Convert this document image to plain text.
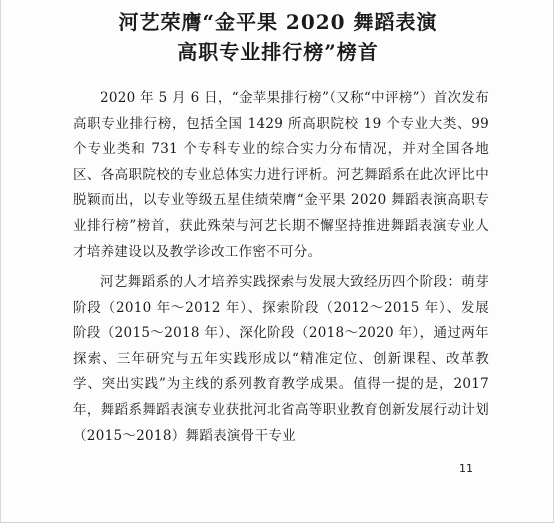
河艺荣膺“金平果 2020 舞蹈表演
高职专业排行榜”榜首

2020 年 5 月 6 日，“金苹果排行榜”（又称“中评榜”）首次发布高职专业排行榜，包括全国 1429 所高职院校 19 个专业大类、99 个专业类和 731 个专科专业的综合实力分布情况，并对全国各地区、各高职院校的专业总体实力进行评析。河艺舞蹈系在此次评比中脱颖而出，以专业等级五星佳绩荣膺“金平果 2020 舞蹈表演高职专业排行榜”榜首，获此殊荣与河艺长期不懈坚持推进舞蹈表演专业人才培养建设以及教学诊改工作密不可分。

河艺舞蹈系的人才培养实践探索与发展大致经历四个阶段：萌芽阶段（2010 年～2012 年）、探索阶段（2012～2015 年）、发展阶段（2015～2018 年）、深化阶段（2018～2020 年），通过两年探索、三年研究与五年实践形成以“精准定位、创新课程、改革教学、突出实践”为主线的系列教育教学成果。值得一提的是，2017 年，舞蹈系舞蹈表演专业获批河北省高等职业教育创新发展行动计划（2015～2018）舞蹈表演骨干专业

11
